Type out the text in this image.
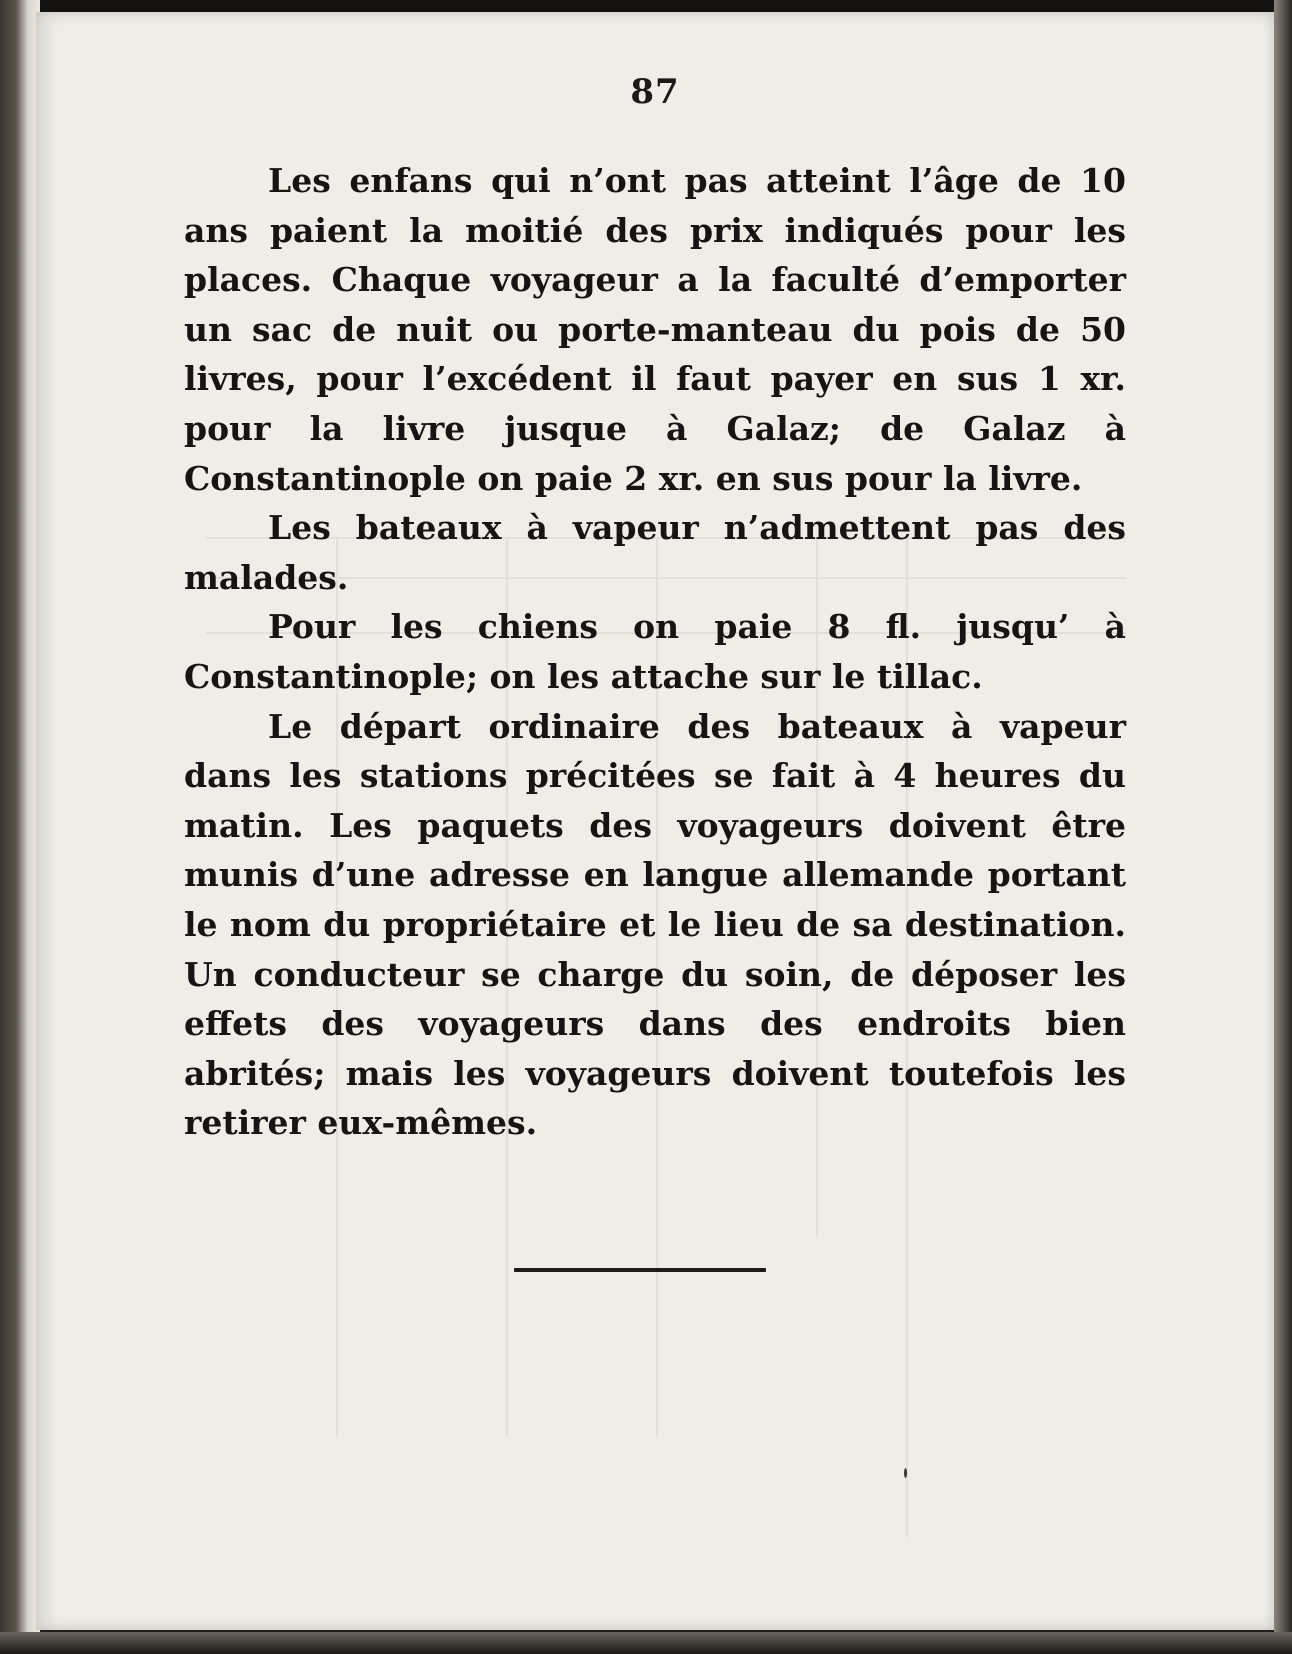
87

Les enfans qui n’ont pas atteint l’âge de 10 ans paient la moitié des prix indiqués pour les places. Chaque voyageur a la faculté d’emporter un sac de nuit ou porte-manteau du pois de 50 livres, pour l’excédent il faut payer en sus 1 xr. pour la livre jusque à Galaz; de Galaz à Constantinople on paie 2 xr. en sus pour la livre.

Les bateaux à vapeur n’admettent pas des malades.

Pour les chiens on paie 8 fl. jusqu’ à Constantinople; on les attache sur le tillac.

Le départ ordinaire des bateaux à vapeur dans les stations précitées se fait à 4 heures du matin. Les paquets des voyageurs doivent être munis d’une adresse en langue allemande portant le nom du propriétaire et le lieu de sa destination. Un conducteur se charge du soin, de déposer les effets des voyageurs dans des endroits bien abrités; mais les voyageurs doivent toutefois les retirer eux-mêmes.
